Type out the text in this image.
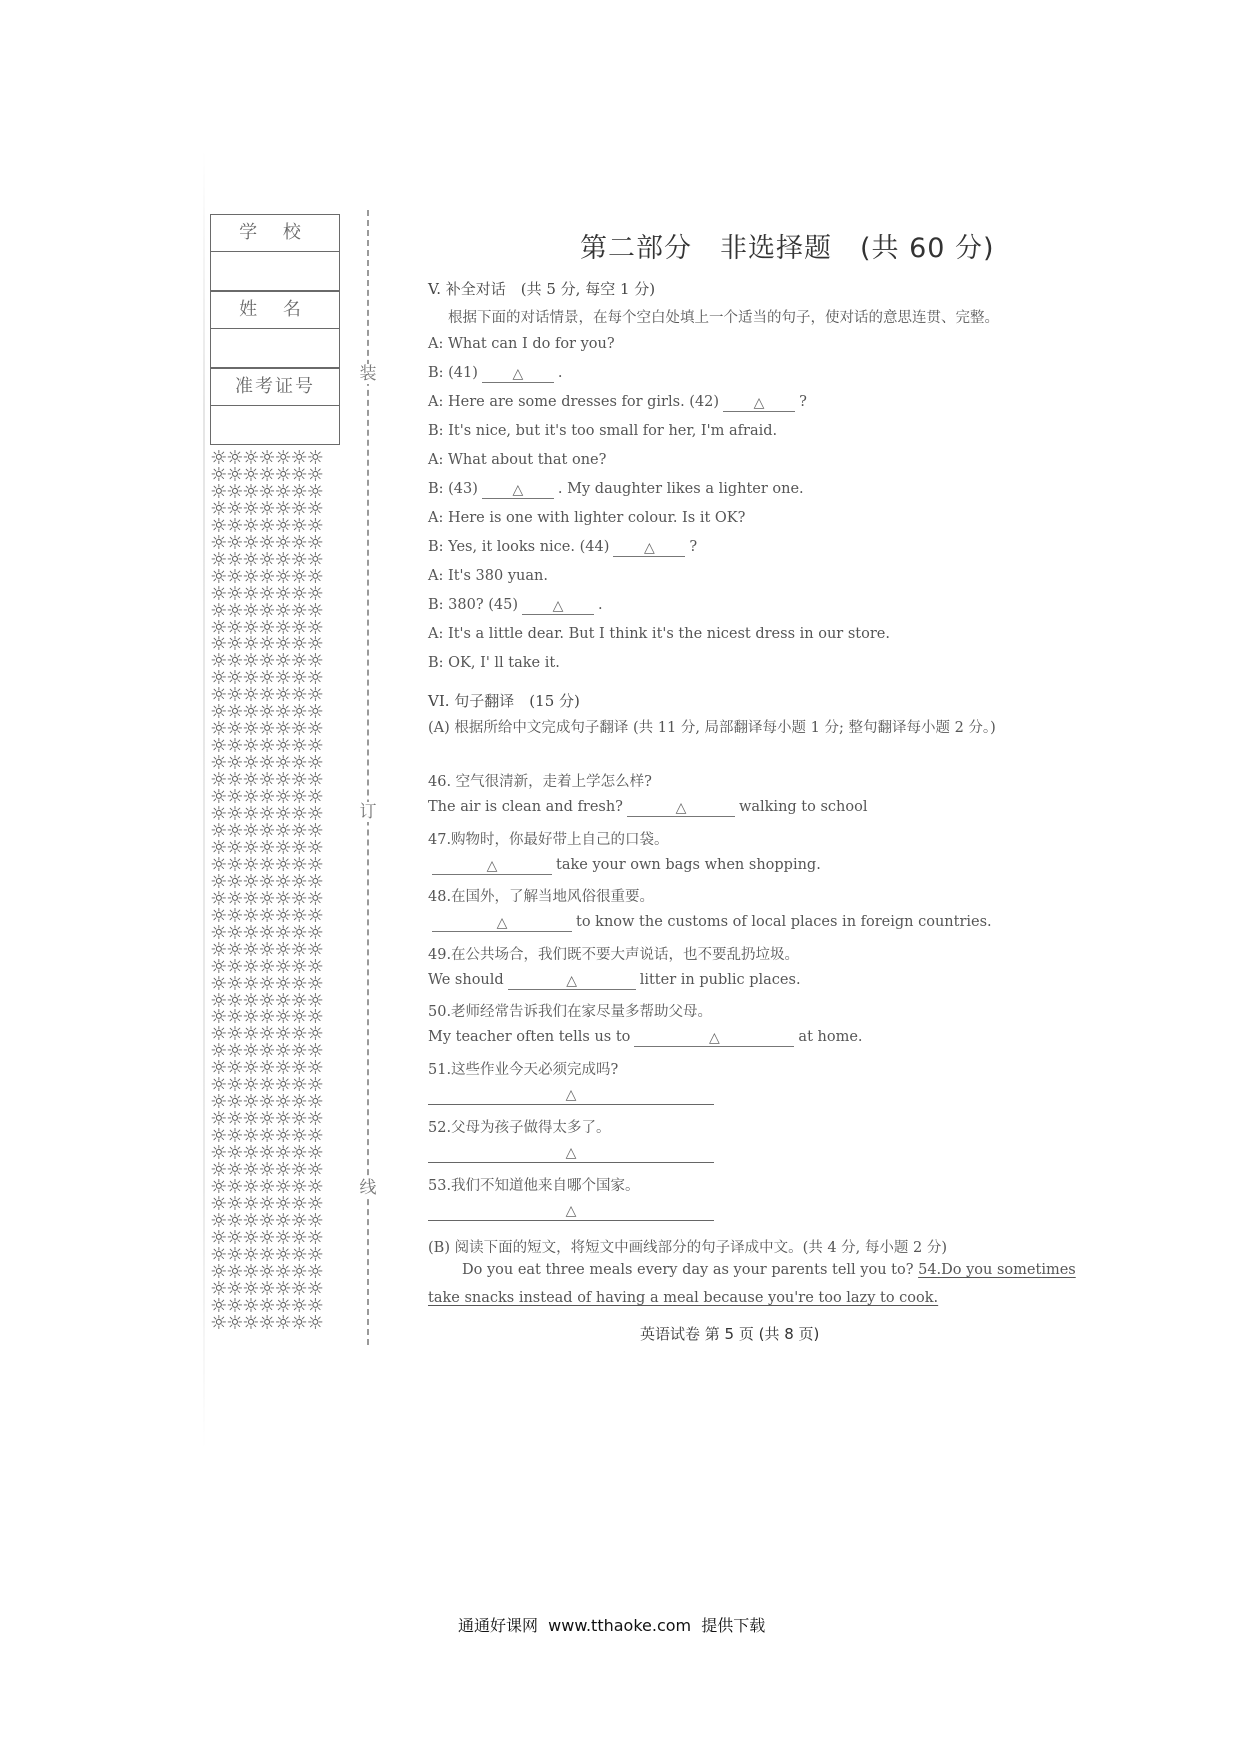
学 校
姓 名
准考证号
☼☼☼☼☼☼☼
☼☼☼☼☼☼☼
☼☼☼☼☼☼☼
☼☼☼☼☼☼☼
☼☼☼☼☼☼☼
☼☼☼☼☼☼☼
☼☼☼☼☼☼☼
☼☼☼☼☼☼☼
☼☼☼☼☼☼☼
☼☼☼☼☼☼☼
☼☼☼☼☼☼☼
☼☼☼☼☼☼☼
☼☼☼☼☼☼☼
☼☼☼☼☼☼☼
☼☼☼☼☼☼☼
☼☼☼☼☼☼☼
☼☼☼☼☼☼☼
☼☼☼☼☼☼☼
☼☼☼☼☼☼☼
☼☼☼☼☼☼☼
☼☼☼☼☼☼☼
☼☼☼☼☼☼☼
☼☼☼☼☼☼☼
☼☼☼☼☼☼☼
☼☼☼☼☼☼☼
☼☼☼☼☼☼☼
☼☼☼☼☼☼☼
☼☼☼☼☼☼☼
☼☼☼☼☼☼☼
☼☼☼☼☼☼☼
☼☼☼☼☼☼☼
☼☼☼☼☼☼☼
☼☼☼☼☼☼☼
☼☼☼☼☼☼☼
☼☼☼☼☼☼☼
☼☼☼☼☼☼☼
☼☼☼☼☼☼☼
☼☼☼☼☼☼☼
☼☼☼☼☼☼☼
☼☼☼☼☼☼☼
☼☼☼☼☼☼☼
☼☼☼☼☼☼☼
☼☼☼☼☼☼☼
☼☼☼☼☼☼☼
☼☼☼☼☼☼☼
☼☼☼☼☼☼☼
☼☼☼☼☼☼☼
☼☼☼☼☼☼☼
☼☼☼☼☼☼☼
☼☼☼☼☼☼☼
☼☼☼☼☼☼☼
☼☼☼☼☼☼☼
装
订
线
第二部分　非选择题　(共 60 分)
V. 补全对话　(共 5 分, 每空 1 分)
根据下面的对话情景，在每个空白处填上一个适当的句子，使对话的意思连贯、完整。
A: What can I do for you?
B: (41) △ .
A: Here are some dresses for girls. (42) △ ?
B: It's nice, but it's too small for her, I'm afraid.
A: What about that one?
B: (43) △ . My daughter likes a lighter one.
A: Here is one with lighter colour. Is it OK?
B: Yes, it looks nice. (44) △ ?
A: It's 380 yuan.
B: 380? (45) △ .
A: It's a little dear. But I think it's the nicest dress in our store.
B: OK, I' ll take it.
VI. 句子翻译　(15 分)
(A) 根据所给中文完成句子翻译 (共 11 分, 局部翻译每小题 1 分; 整句翻译每小题 2 分。)
46. 空气很清新，走着上学怎么样?
The air is clean and fresh?	△	walking to school
47.购物时，你最好带上自己的口袋。
△	take your own bags when shopping.
48.在国外，了解当地风俗很重要。
△	to know the customs of local places in foreign countries.
49.在公共场合，我们既不要大声说话，也不要乱扔垃圾。
We should	△	litter in public places.
50.老师经常告诉我们在家尽量多帮助父母。
My teacher often tells us to	△	at home.
51.这些作业今天必须完成吗?
△
52.父母为孩子做得太多了。
△
53.我们不知道他来自哪个国家。
△
(B) 阅读下面的短文，将短文中画线部分的句子译成中文。(共 4 分, 每小题 2 分)
Do you eat three meals every day as your parents tell you to? 54.Do you sometimes
take snacks instead of having a meal because you're too lazy to cook.
英语试卷 第 5 页 (共 8 页)
通通好课网  www.tthaoke.com  提供下载
